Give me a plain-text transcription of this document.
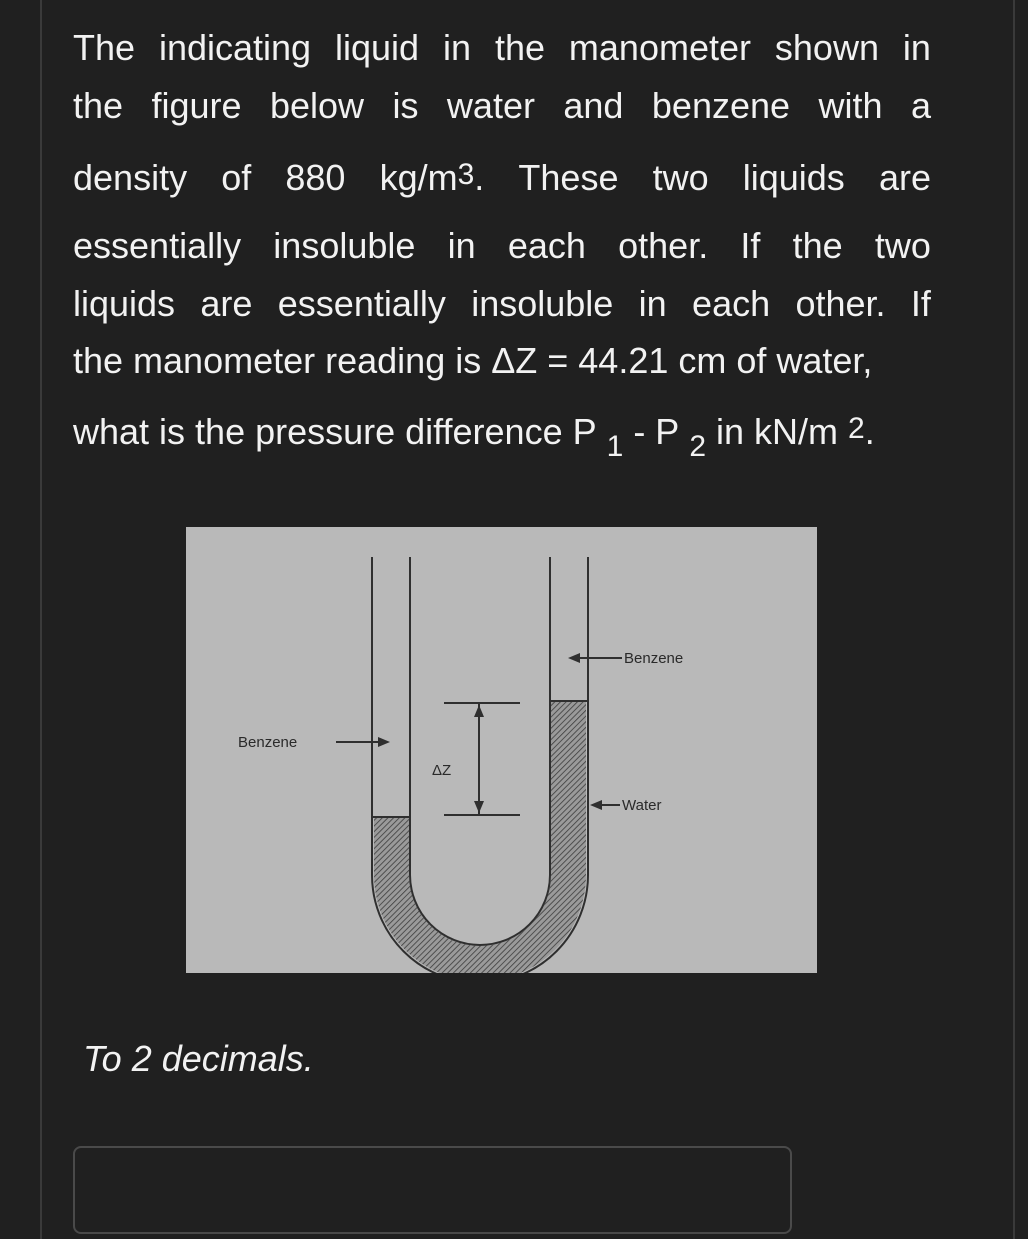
The indicating liquid in the manometer shown in
the figure below is water and benzene with a
density of 880 $kg/m^3$. These two liquids are
essentially insoluble in each other. If the two
liquids are essentially insoluble in each other. If
the manometer reading is ΔZ = 44.21 cm of water,
what is the pressure difference P $_1$ - P $_2$ in kN/m $^2$.
ΔZ
Benzene
Benzene
Water
To 2 decimals.
